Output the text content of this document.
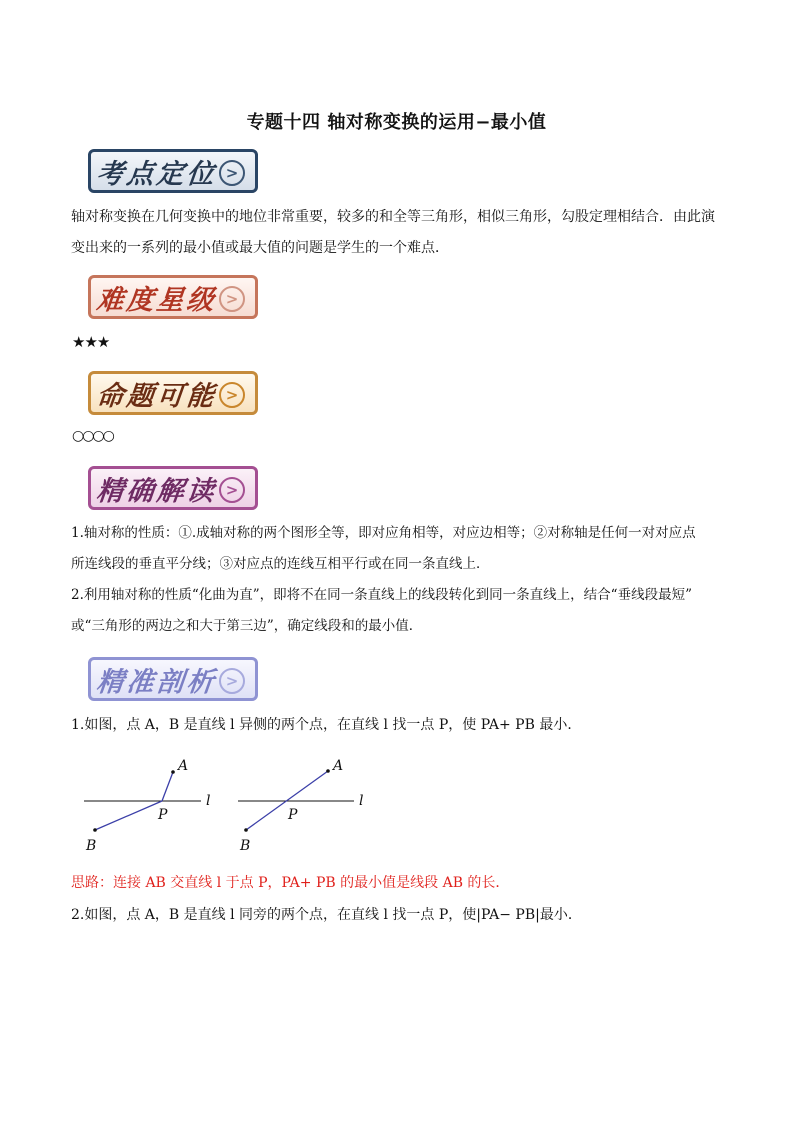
专题十四 轴对称变换的运用−最小值
考点定位 >
轴对称变换在几何变换中的地位非常重要，较多的和全等三角形，相似三角形，勾股定理相结合．由此演
变出来的一系列的最小值或最大值的问题是学生的一个难点．
难度星级 >
★★★
命题可能 >
○○○○
精确解读 >
1.轴对称的性质：①.成轴对称的两个图形全等，即对应角相等，对应边相等；②对称轴是任何一对对应点
所连线段的垂直平分线；③对应点的连线互相平行或在同一条直线上．
2.利用轴对称的性质“化曲为直”，即将不在同一条直线上的线段转化到同一条直线上，结合“垂线段最短”
或“三角形的两边之和大于第三边”，确定线段和的最小值．
精准剖析 >
1.如图，点 A，B 是直线 l 异侧的两个点，在直线 l 找一点 P，使 PA+ PB 最小．
A
B
P
l
A
B
P
l
思路：连接 AB 交直线 l 于点 P，PA+ PB 的最小值是线段 AB 的长．
2.如图，点 A，B 是直线 l 同旁的两个点，在直线 l 找一点 P，使|PA− PB|最小．
